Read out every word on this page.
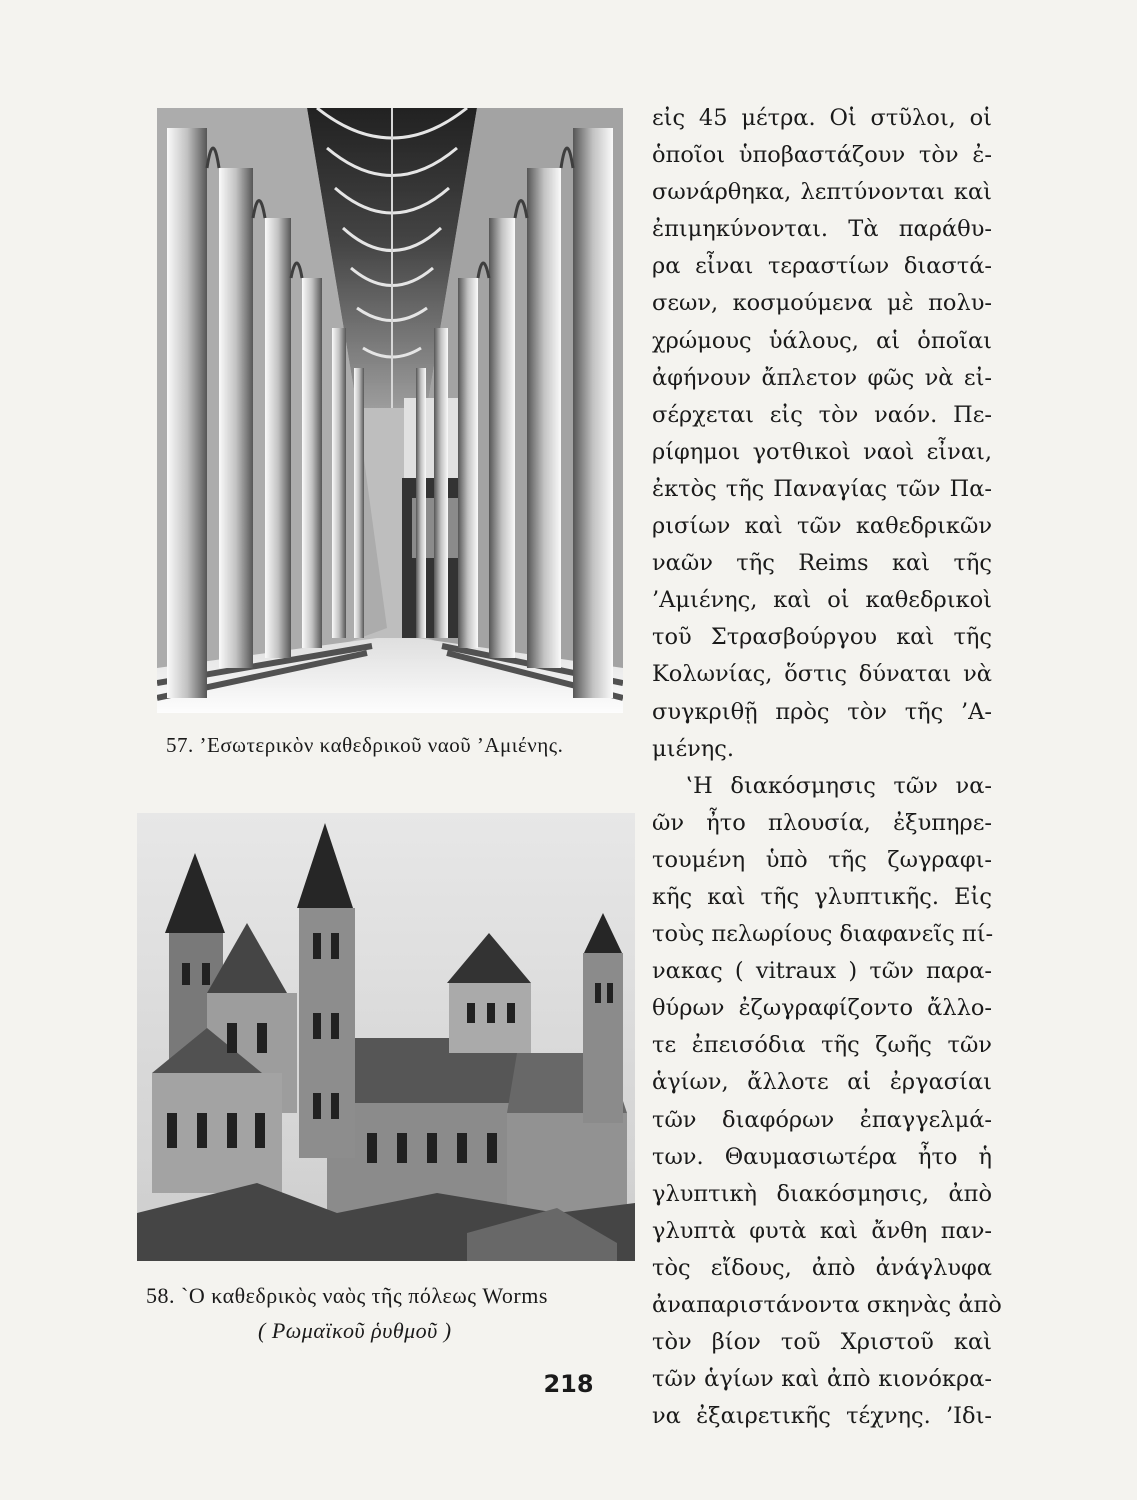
57. ’Εσωτερικὸν καθεδρικοῦ ναοῦ ’Αμιένης.
58. `Ο καθεδρικὸς ναὸς τῆς πόλεως Worms
( Ρωμαϊκοῦ ῥυθμοῦ )
εἰς 45 μέτρα. Οἱ στῦλοι, οἱ
ὁποῖοι ὑποβαστάζουν τὸν ἐ-
σωνάρθηκα, λεπτύνονται καὶ
ἐπιμηκύνονται. Τὰ παράθυ-
ρα εἶναι τεραστίων διαστά-
σεων, κοσμούμενα μὲ πολυ-
χρώμους ὑάλους, αἱ ὁποῖαι
ἀφήνουν ἄπλετον φῶς νὰ εἰ-
σέρχεται εἰς τὸν ναόν. Πε-
ρίφημοι γοτθικοὶ ναοὶ εἶναι,
ἐκτὸς τῆς Παναγίας τῶν Πα-
ρισίων καὶ τῶν καθεδρικῶν
ναῶν τῆς Reims καὶ τῆς
’Αμιένης, καὶ οἱ καθεδρικοὶ
τοῦ Στρασβούργου καὶ τῆς
Κολωνίας, ὅστις δύναται νὰ
συγκριθῇ πρὸς τὸν τῆς ’Α-
μιένης.
‛Η διακόσμησις τῶν να-
ῶν ἦτο πλουσία, ἐξυπηρε-
τουμένη ὑπὸ τῆς ζωγραφι-
κῆς καὶ τῆς γλυπτικῆς. Εἰς
τοὺς πελωρίους διαφανεῖς πί-
νακας ( vitraux ) τῶν παρα-
θύρων ἐζωγραφίζοντο ἄλλο-
τε ἐπεισόδια τῆς ζωῆς τῶν
ἁγίων, ἄλλοτε αἱ ἐργασίαι
τῶν διαφόρων ἐπαγγελμά-
των. Θαυμασιωτέρα ἦτο ἡ
γλυπτικὴ διακόσμησις, ἀπὸ
γλυπτὰ φυτὰ καὶ ἄνθη παν-
τὸς εἴδους, ἀπὸ ἀνάγλυφα
ἀναπαριστάνοντα σκηνὰς ἀπὸ
τὸν βίον τοῦ Χριστοῦ καὶ
τῶν ἁγίων καὶ ἀπὸ κιονόκρα-
να ἐξαιρετικῆς τέχνης. ’Ιδι-
218
